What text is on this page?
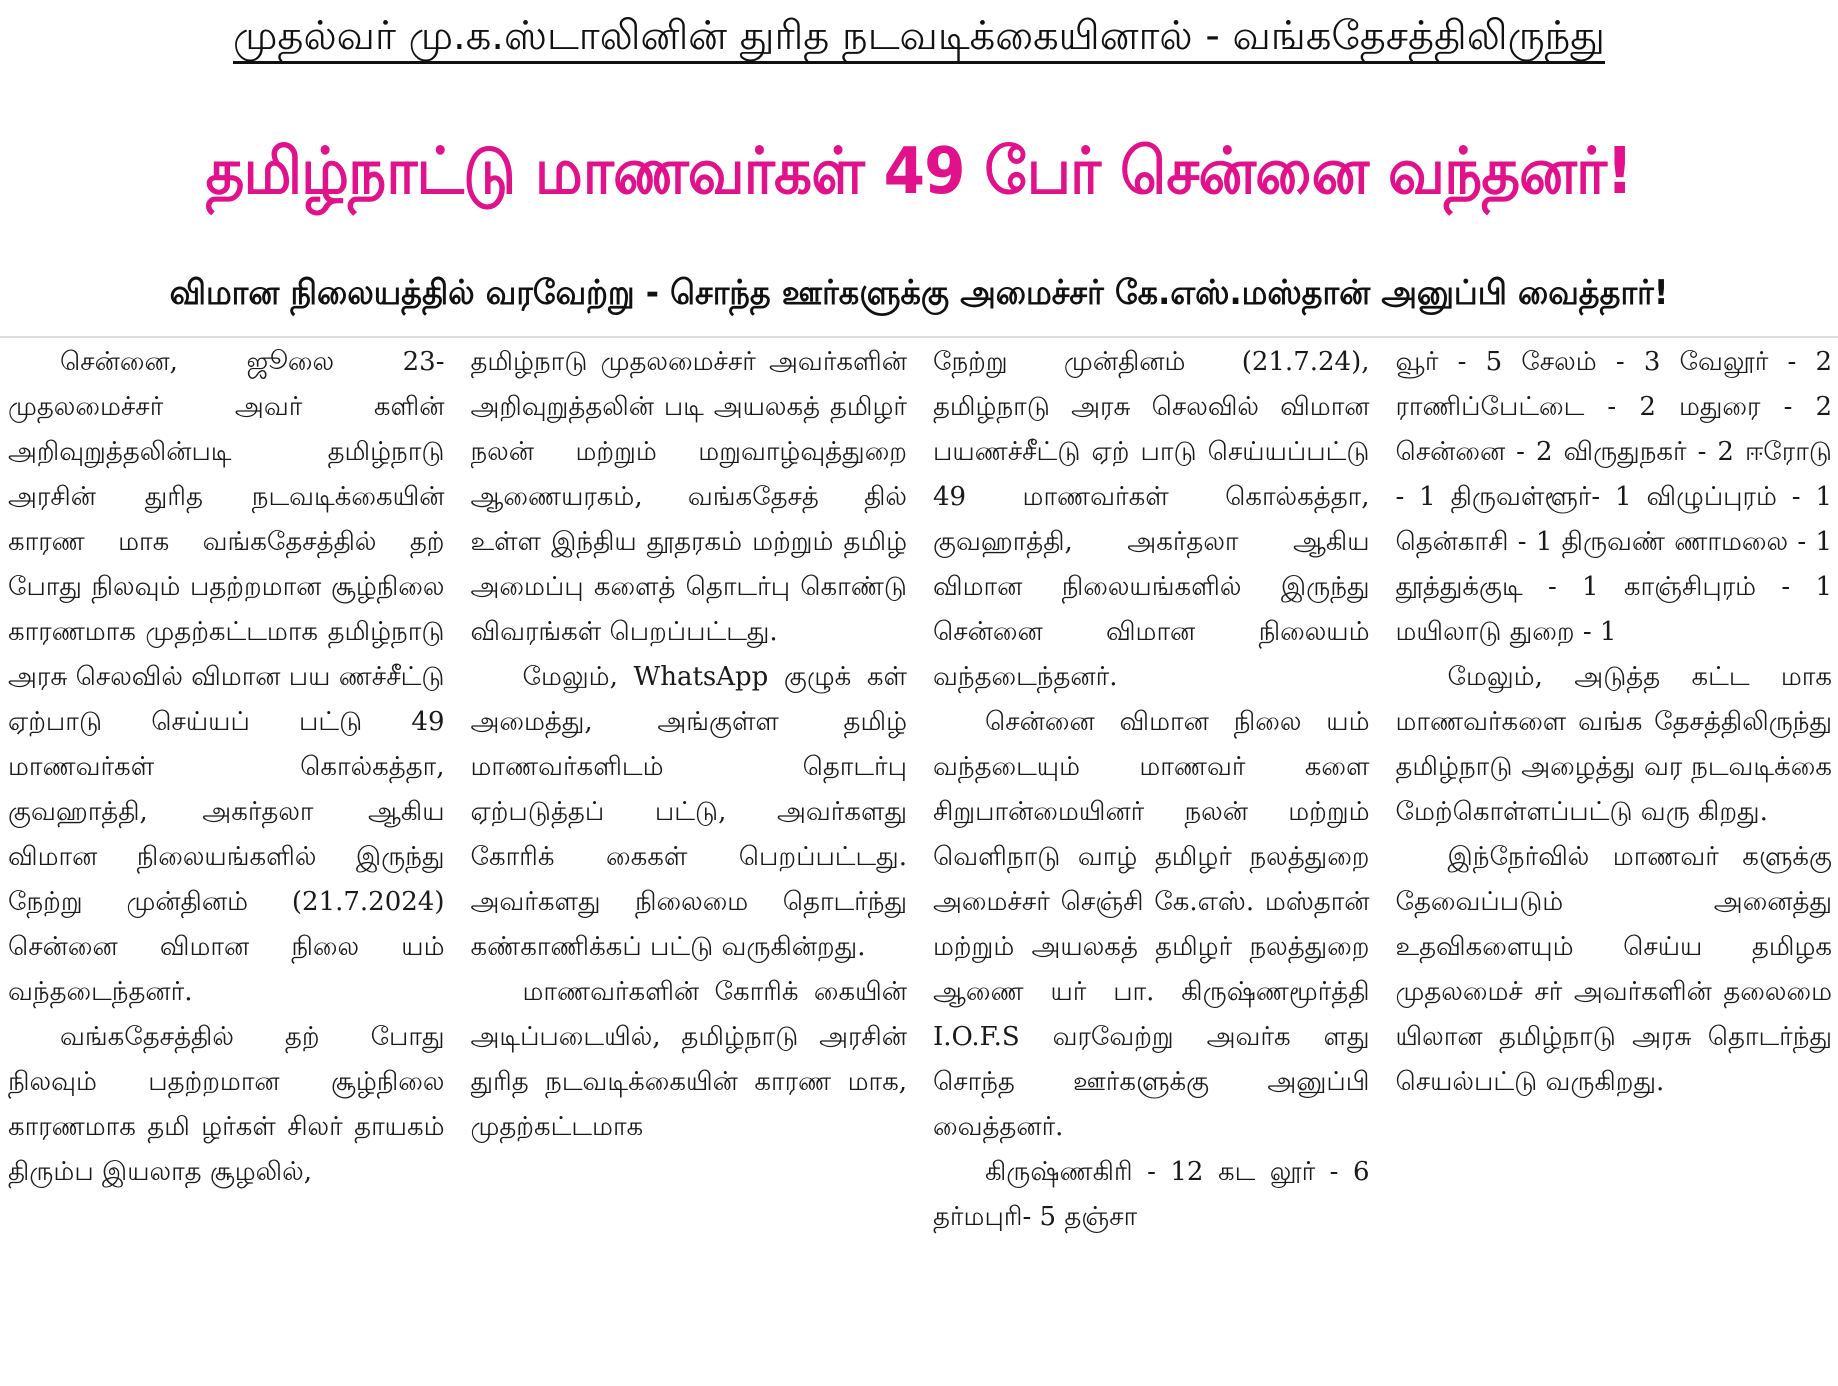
முதல்வர் மு.க.ஸ்டாலினின் துரித நடவடிக்கையினால் - வங்கதேசத்திலிருந்து
தமிழ்நாட்டு மாணவர்கள் 49 பேர் சென்னை வந்தனர்!
விமான நிலையத்தில் வரவேற்று - சொந்த ஊர்களுக்கு அமைச்சர் கே.எஸ்.மஸ்தான் அனுப்பி வைத்தார்!

சென்னை, ஜூலை 23- முதலமைச்சர் அவர் களின் அறிவுறுத்தலின்படி தமிழ்நாடு அரசின் துரித நடவடிக்கையின் காரண மாக வங்கதேசத்தில் தற் போது நிலவும் பதற்றமான சூழ்நிலை காரணமாக முதற்கட்டமாக தமிழ்நாடு அரசு செலவில் விமான பய ணச்சீட்டு ஏற்பாடு செய்யப் பட்டு 49 மாணவர்கள் கொல்கத்தா, குவஹாத்தி, அகர்தலா ஆகிய விமான நிலையங்களில் இருந்து நேற்று முன்தினம் (21.7.2024) சென்னை விமான நிலை யம் வந்தடைந்தனர்.

வங்கதேசத்தில் தற் போது நிலவும் பதற்றமான சூழ்நிலை காரணமாக தமி ழர்கள் சிலர் தாயகம் திரும்ப இயலாத சூழலில்,

தமிழ்நாடு முதலமைச்சர் அவர்களின் அறிவுறுத்தலின் படி அயலகத் தமிழர் நலன் மற்றும் மறுவாழ்வுத்துறை ஆணையரகம், வங்கதேசத் தில் உள்ள இந்திய தூதரகம் மற்றும் தமிழ் அமைப்பு களைத் தொடர்பு கொண்டு விவரங்கள் பெறப்பட்டது.

மேலும், WhatsApp குழுக் கள் அமைத்து, அங்குள்ள தமிழ் மாணவர்களிடம் தொடர்பு ஏற்படுத்தப் பட்டு, அவர்களது கோரிக் கைகள் பெறப்பட்டது. அவர்களது நிலைமை தொடர்ந்து கண்காணிக்கப் பட்டு வருகின்றது.

மாணவர்களின் கோரிக் கையின் அடிப்படையில், தமிழ்நாடு அரசின் துரித நடவடிக்கையின் காரண மாக, முதற்கட்டமாக

நேற்று முன்தினம் (21.7.24), தமிழ்நாடு அரசு செலவில் விமான பயணச்சீட்டு ஏற் பாடு செய்யப்பட்டு 49 மாணவர்கள் கொல்கத்தா, குவஹாத்தி, அகர்தலா ஆகிய விமான நிலையங்களில் இருந்து சென்னை விமான நிலையம் வந்தடைந்தனர்.

சென்னை விமான நிலை யம் வந்தடையும் மாணவர் களை சிறுபான்மையினர் நலன் மற்றும் வெளிநாடு வாழ் தமிழர் நலத்துறை அமைச்சர் செஞ்சி கே.எஸ். மஸ்தான் மற்றும் அயலகத் தமிழர் நலத்துறை ஆணை யர் பா. கிருஷ்ணமூர்த்தி I.O.F.S வரவேற்று அவர்க ளது சொந்த ஊர்களுக்கு அனுப்பி வைத்தனர்.

கிருஷ்ணகிரி - 12 கட லூர் - 6 தர்மபுரி- 5 தஞ்சா

வூர் - 5 சேலம் - 3 வேலூர் - 2 ராணிப்பேட்டை - 2 மதுரை - 2 சென்னை - 2 விருதுநகர் - 2 ஈரோடு - 1 திருவள்ளூர்- 1 விழுப்புரம் - 1 தென்காசி - 1 திருவண் ணாமலை - 1 தூத்துக்குடி - 1 காஞ்சிபுரம் - 1 மயிலாடு துறை - 1

மேலும், அடுத்த கட்ட மாக மாணவர்களை வங்க தேசத்திலிருந்து தமிழ்நாடு அழைத்து வர நடவடிக்கை மேற்கொள்ளப்பட்டு வரு கிறது.

இந்நேர்வில் மாணவர் களுக்கு தேவைப்படும் அனைத்து உதவிகளையும் செய்ய தமிழக முதலமைச் சர் அவர்களின் தலைமை யிலான தமிழ்நாடு அரசு தொடர்ந்து செயல்பட்டு வருகிறது.
